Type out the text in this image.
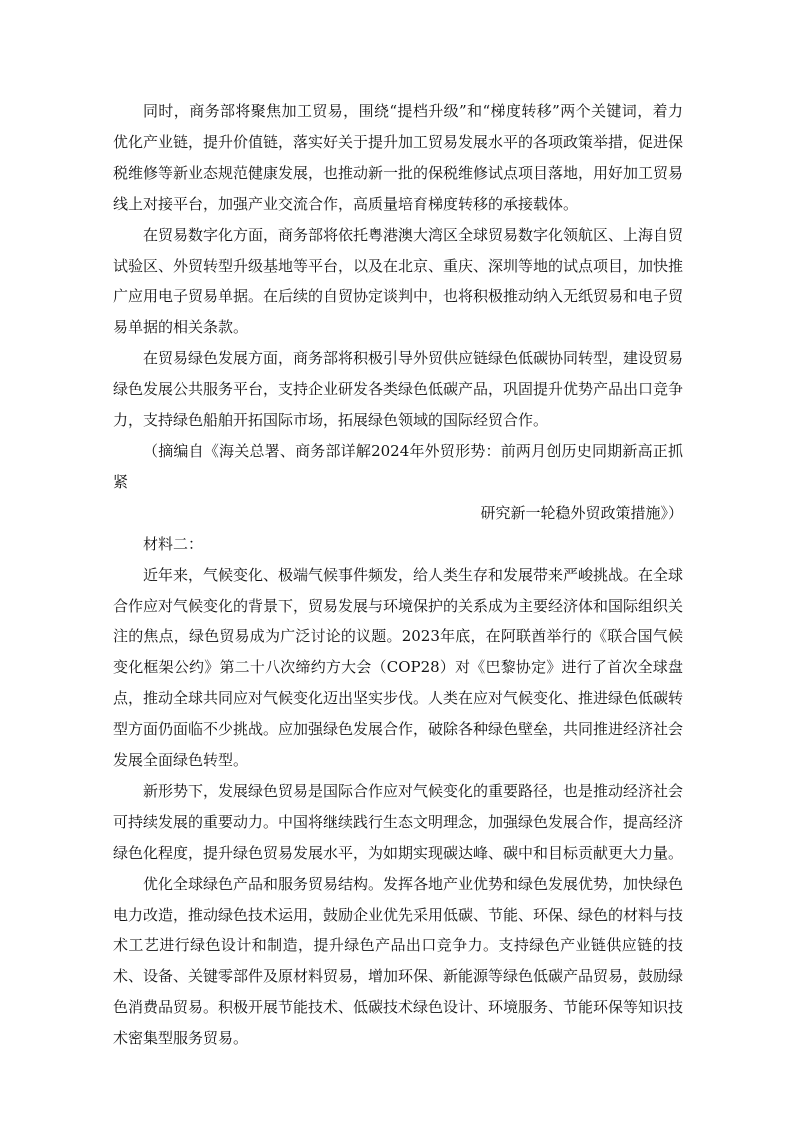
同时，商务部将聚焦加工贸易，围绕“提档升级”和“梯度转移”两个关键词，着力优化产业链，提升价值链，落实好关于提升加工贸易发展水平的各项政策举措，促进保税维修等新业态规范健康发展，也推动新一批的保税维修试点项目落地，用好加工贸易线上对接平台，加强产业交流合作，高质量培育梯度转移的承接载体。

在贸易数字化方面，商务部将依托粤港澳大湾区全球贸易数字化领航区、上海自贸试验区、外贸转型升级基地等平台，以及在北京、重庆、深圳等地的试点项目，加快推广应用电子贸易单据。在后续的自贸协定谈判中，也将积极推动纳入无纸贸易和电子贸易单据的相关条款。

在贸易绿色发展方面，商务部将积极引导外贸供应链绿色低碳协同转型，建设贸易绿色发展公共服务平台，支持企业研发各类绿色低碳产品，巩固提升优势产品出口竞争力，支持绿色船舶开拓国际市场，拓展绿色领域的国际经贸合作。

（摘编自《海关总署、商务部详解2024年外贸形势：前两月创历史同期新高正抓紧

研究新一轮稳外贸政策措施》）

材料二：

近年来，气候变化、极端气候事件频发，给人类生存和发展带来严峻挑战。在全球合作应对气候变化的背景下，贸易发展与环境保护的关系成为主要经济体和国际组织关注的焦点，绿色贸易成为广泛讨论的议题。2023年底，在阿联酋举行的《联合国气候变化框架公约》第二十八次缔约方大会（COP28）对《巴黎协定》进行了首次全球盘点，推动全球共同应对气候变化迈出坚实步伐。人类在应对气候变化、推进绿色低碳转型方面仍面临不少挑战。应加强绿色发展合作，破除各种绿色壁垒，共同推进经济社会发展全面绿色转型。

新形势下，发展绿色贸易是国际合作应对气候变化的重要路径，也是推动经济社会可持续发展的重要动力。中国将继续践行生态文明理念，加强绿色发展合作，提高经济绿色化程度，提升绿色贸易发展水平，为如期实现碳达峰、碳中和目标贡献更大力量。

优化全球绿色产品和服务贸易结构。发挥各地产业优势和绿色发展优势，加快绿色电力改造，推动绿色技术运用，鼓励企业优先采用低碳、节能、环保、绿色的材料与技术工艺进行绿色设计和制造，提升绿色产品出口竞争力。支持绿色产业链供应链的技术、设备、关键零部件及原材料贸易，增加环保、新能源等绿色低碳产品贸易，鼓励绿色消费品贸易。积极开展节能技术、低碳技术绿色设计、环境服务、节能环保等知识技术密集型服务贸易。
